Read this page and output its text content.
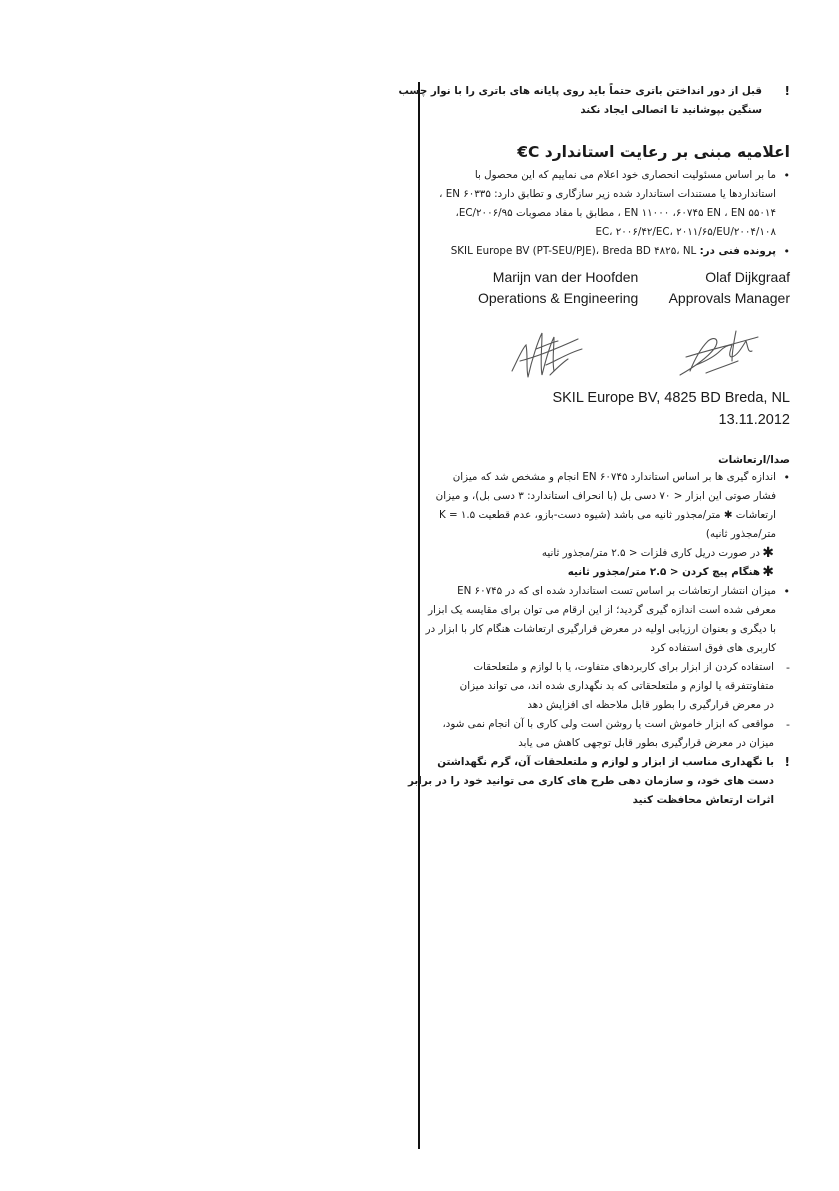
!
قبل از دور انداختن باتری حتماً باید روی پایانه های باتری را با نوار چسب
سنگین بپوشانید تا اتصالی ایجاد نکند
اعلامیه مبنی بر رعایت استاندارد C€
•
ما بر اساس مسئولیت انحصاری خود اعلام می نماییم که این محصول با
استانداردها یا مستندات استاندارد شده زیر سازگاری و تطابق دارد: EN ۶۰۳۳۵ ،
EN ۱۱۰۰۰ ،۶۰۷۴۵ EN ، EN ۵۵۰۱۴ ، مطابق با مفاد مصوبات ۲۰۰۶/۹۵/EC،
۲۰۰۴/۱۰۸/EC، ۲۰۰۶/۴۲/EC، ۲۰۱۱/۶۵/EU
•
پرونده فنی در: SKIL Europe BV (PT-SEU/PJE)، Breda BD ۴۸۲۵، NL
Marijn van der Hoofden
Operations & Engineering
Olaf Dijkgraaf
Approvals Manager
SKIL Europe BV, 4825 BD Breda, NL
13.11.2012
صدا/ارتعاشات
•
اندازه گیری ها بر اساس استاندارد EN ۶۰۷۴۵ انجام و مشخص شد که میزان
فشار صوتی این ابزار < ۷۰ دسی بل (با انحراف استاندارد: ۳ دسی بل)، و میزان
ارتعاشات ✱ متر/مجذور ثانیه می باشد (شیوه دست-بازو، عدم قطعیت K = ۱.۵
متر/مجذور ثانیه)
✱
در صورت دریل کاری فلزات < ۲.۵ متر/مجذور ثانیه
✱
هنگام پیچ کردن < ۲.۵ متر/مجذور ثانیه
•
میزان انتشار ارتعاشات بر اساس تست استاندارد شده ای که در EN ۶۰۷۴۵
معرفی شده است اندازه گیری گردید؛ از این ارقام می توان برای مقایسه یک ابزار
با دیگری و بعنوان ارزیابی اولیه در معرض قرارگیری ارتعاشات هنگام کار با ابزار در
کاربری های فوق استفاده کرد
-
استفاده کردن از ابزار برای کاربردهای متفاوت، یا با لوازم و ملتعلحقات
متفاوتتفرقه یا لوازم و ملتعلحقاتی که بد نگهداری شده اند، می تواند میزان
در معرض قرارگیری را بطور قابل ملاحظه ای افزایش دهد
-
مواقعی که ابزار خاموش است یا روشن است ولی کاری با آن انجام نمی شود،
میزان در معرض قرارگیری بطور قابل توجهی کاهش می یابد
!
با نگهداری مناسب از ابزار و لوازم و ملتعلحقات آن، گرم نگهداشتن
دست های خود، و سازمان دهی طرح های کاری می توانید خود را در برابر
اثرات ارتعاش محافظت کنید
